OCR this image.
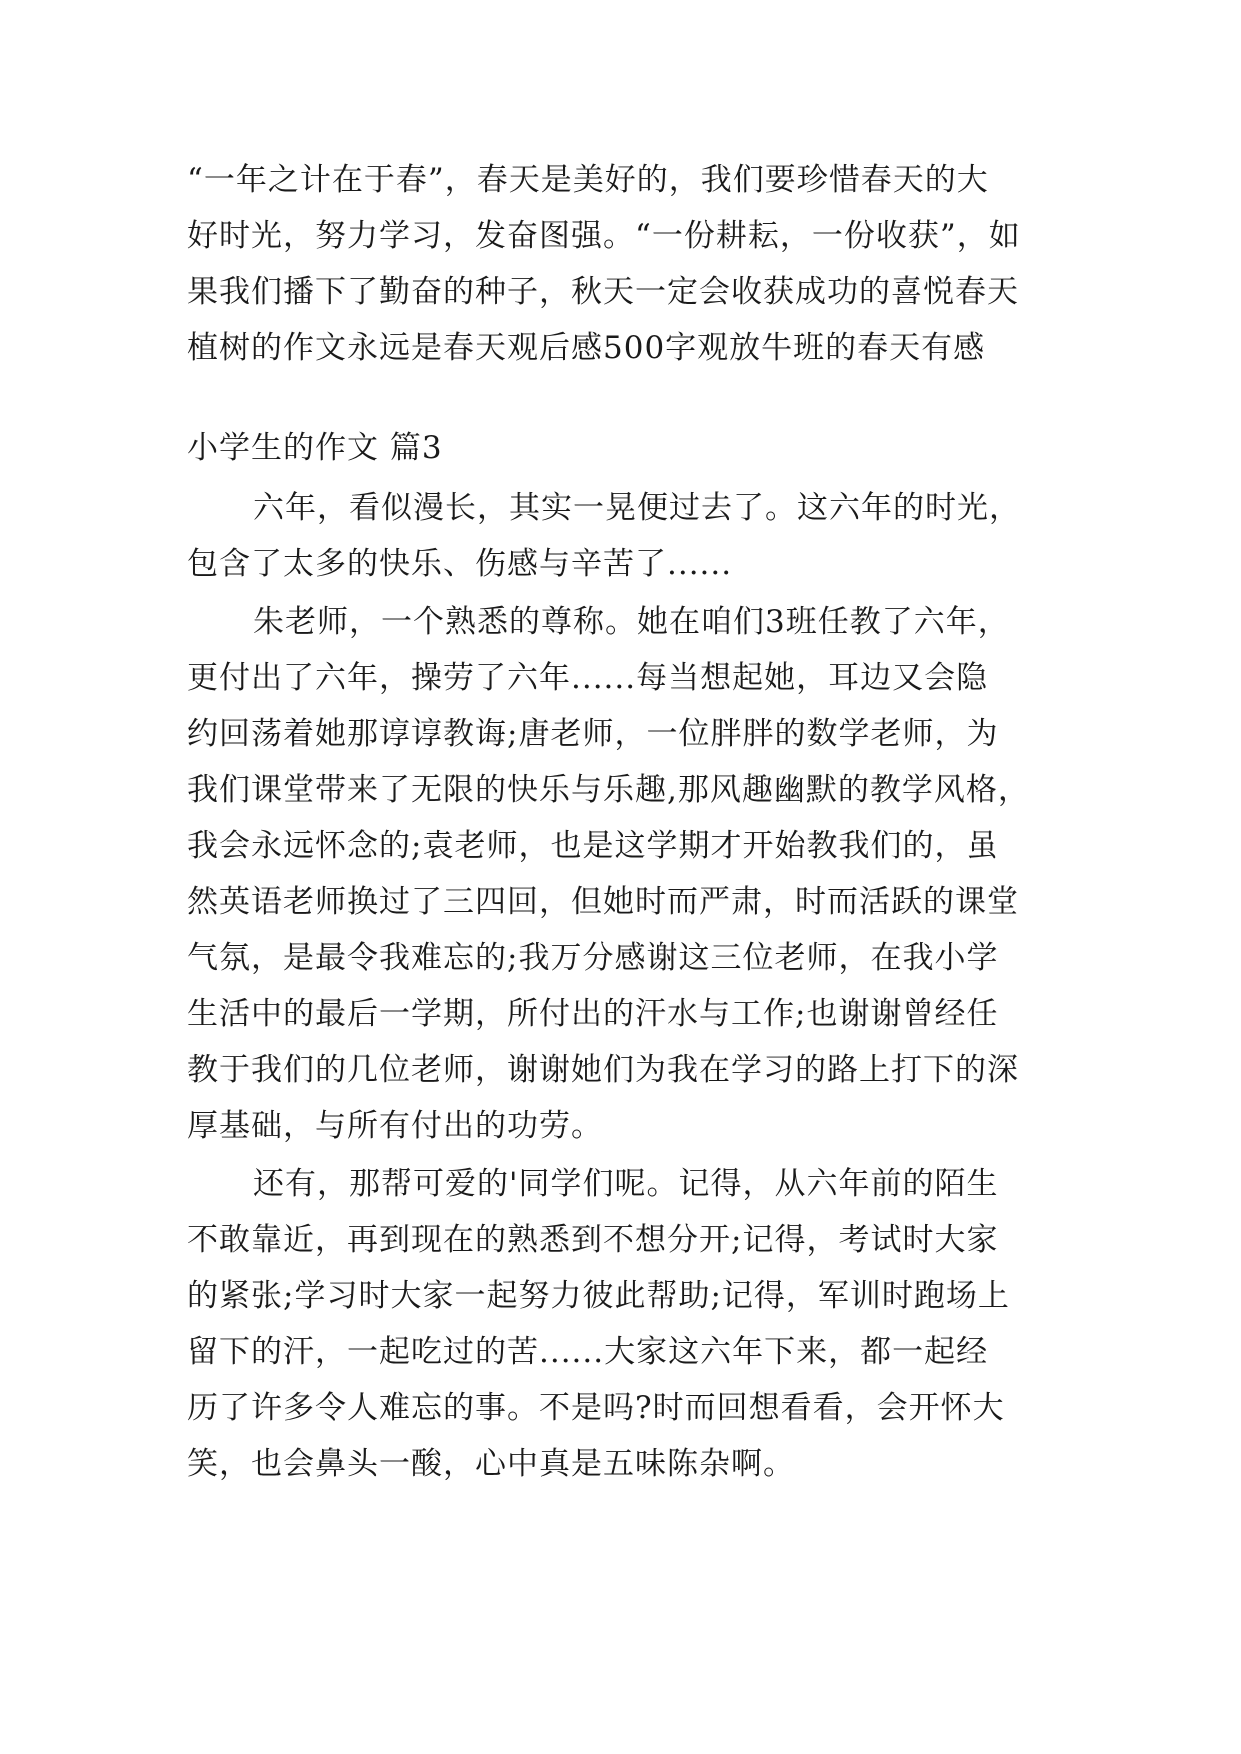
“一年之计在于春”，春天是美好的，我们要珍惜春天的大
好时光，努力学习，发奋图强。“一份耕耘，一份收获”，如
果我们播下了勤奋的种子，秋天一定会收获成功的喜悦春天
植树的作文永远是春天观后感500字观放牛班的春天有感
小学生的作文 篇3
六年，看似漫长，其实一晃便过去了。这六年的时光，
包含了太多的快乐、伤感与辛苦了......
朱老师，一个熟悉的尊称。她在咱们3班任教了六年，
更付出了六年，操劳了六年......每当想起她，耳边又会隐
约回荡着她那谆谆教诲;唐老师，一位胖胖的数学老师，为
我们课堂带来了无限的快乐与乐趣,那风趣幽默的教学风格，
我会永远怀念的;袁老师，也是这学期才开始教我们的，虽
然英语老师换过了三四回，但她时而严肃，时而活跃的课堂
气氛，是最令我难忘的;我万分感谢这三位老师，在我小学
生活中的最后一学期，所付出的汗水与工作;也谢谢曾经任
教于我们的几位老师，谢谢她们为我在学习的路上打下的深
厚基础，与所有付出的功劳。
还有，那帮可爱的'同学们呢。记得，从六年前的陌生
不敢靠近，再到现在的熟悉到不想分开;记得，考试时大家
的紧张;学习时大家一起努力彼此帮助;记得，军训时跑场上
留下的汗，一起吃过的苦......大家这六年下来，都一起经
历了许多令人难忘的事。不是吗?时而回想看看，会开怀大
笑，也会鼻头一酸，心中真是五味陈杂啊。
